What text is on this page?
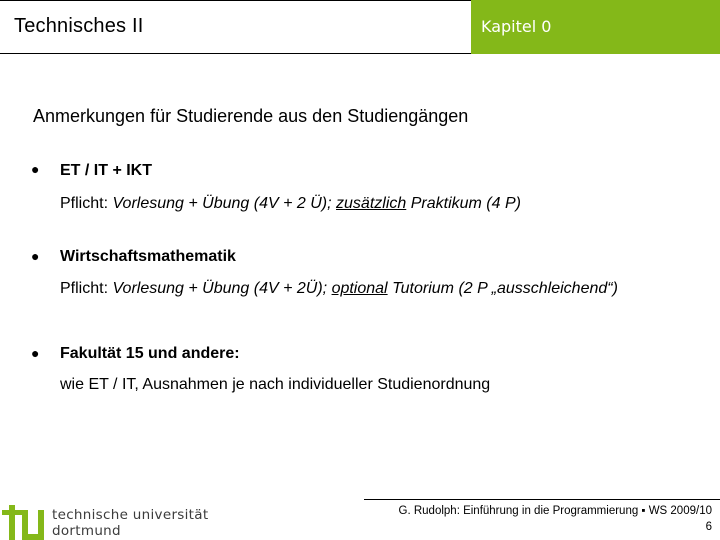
Technisches II	Kapitel 0
Anmerkungen für Studierende aus den Studiengängen
● ET / IT + IKT
Pflicht: Vorlesung + Übung (4V + 2 Ü); zusätzlich Praktikum (4 P)
● Wirtschaftsmathematik
Pflicht: Vorlesung + Übung (4V + 2Ü); optional Tutorium (2 P „ausschleichend“)
● Fakultät 15 und andere:
wie ET / IT, Ausnahmen je nach individueller Studienordnung
technische universität
dortmund
G. Rudolph: Einführung in die Programmierung ▪ WS 2009/10
6
